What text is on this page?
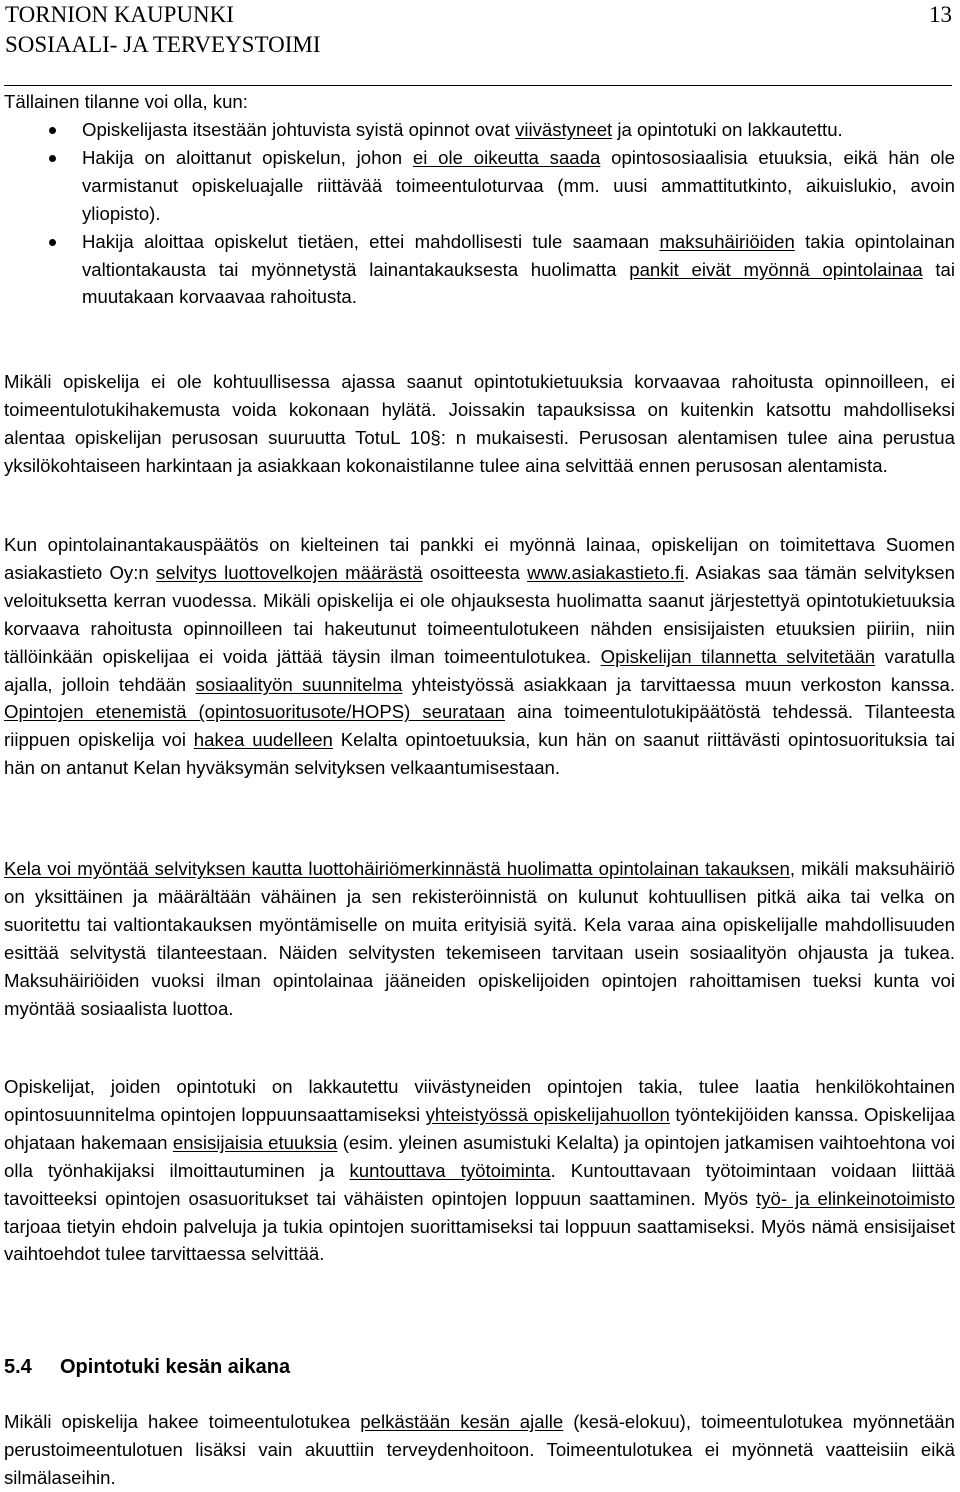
TORNION KAUPUNKI
SOSIAALI- JA TERVEYSTOIMI
13

Tällainen tilanne voi olla, kun:

Opiskelijasta itsestään johtuvista syistä opinnot ovat viivästyneet ja opintotuki on lakkautettu.
Hakija on aloittanut opiskelun, johon ei ole oikeutta saada opintososiaalisia etuuksia, eikä hän ole varmistanut opiskeluajalle riittävää toimeentuloturvaa (mm. uusi ammattitutkinto, aikuislukio, avoin yliopisto).
Hakija aloittaa opiskelut tietäen, ettei mahdollisesti tule saamaan maksuhäiriöiden takia opintolainan valtiontakausta tai myönnetystä lainantakauksesta huolimatta pankit eivät myönnä opintolainaa tai muutakaan korvaavaa rahoitusta.

Mikäli opiskelija ei ole kohtuullisessa ajassa saanut opintotukietuuksia korvaavaa rahoitusta opinnoilleen, ei toimeentulotukihakemusta voida kokonaan hylätä. Joissakin tapauksissa on kuitenkin katsottu mahdolliseksi alentaa opiskelijan perusosan suuruutta TotuL 10§: n mukaisesti. Perusosan alentamisen tulee aina perustua yksilökohtaiseen harkintaan ja asiakkaan kokonaistilanne tulee aina selvittää ennen perusosan alentamista.

Kun opintolainantakauspäätös on kielteinen tai pankki ei myönnä lainaa, opiskelijan on toimitettava Suomen asiakastieto Oy:n selvitys luottovelkojen määrästä osoitteesta www.asiakastieto.fi. Asiakas saa tämän selvityksen veloituksetta kerran vuodessa. Mikäli opiskelija ei ole ohjauksesta huolimatta saanut järjestettyä opintotukietuuksia korvaava rahoitusta opinnoilleen tai hakeutunut toimeentulotukeen nähden ensisijaisten etuuksien piiriin, niin tällöinkään opiskelijaa ei voida jättää täysin ilman toimeentulotukea. Opiskelijan tilannetta selvitetään varatulla ajalla, jolloin tehdään sosiaalityön suunnitelma yhteistyössä asiakkaan ja tarvittaessa muun verkoston kanssa. Opintojen etenemistä (opintosuoritusote/HOPS) seurataan aina toimeentulotukipäätöstä tehdessä. Tilanteesta riippuen opiskelija voi hakea uudelleen Kelalta opintoetuuksia, kun hän on saanut riittävästi opintosuorituksia tai hän on antanut Kelan hyväksymän selvityksen velkaantumisestaan.

Kela voi myöntää selvityksen kautta luottohäiriömerkinnästä huolimatta opintolainan takauksen, mikäli maksuhäiriö on yksittäinen ja määrältään vähäinen ja sen rekisteröinnistä on kulunut kohtuullisen pitkä aika tai velka on suoritettu tai valtiontakauksen myöntämiselle on muita erityisiä syitä. Kela varaa aina opiskelijalle mahdollisuuden esittää selvitystä tilanteestaan. Näiden selvitysten tekemiseen tarvitaan usein sosiaalityön ohjausta ja tukea. Maksuhäiriöiden vuoksi ilman opintolainaa jääneiden opiskelijoiden opintojen rahoittamisen tueksi kunta voi myöntää sosiaalista luottoa.

Opiskelijat, joiden opintotuki on lakkautettu viivästyneiden opintojen takia, tulee laatia henkilökohtainen opintosuunnitelma opintojen loppuunsaattamiseksi yhteistyössä opiskelijahuollon työntekijöiden kanssa. Opiskelijaa ohjataan hakemaan ensisijaisia etuuksia (esim. yleinen asumistuki Kelalta) ja opintojen jatkamisen vaihtoehtona voi olla työnhakijaksi ilmoittautuminen ja kuntouttava työtoiminta. Kuntouttavaan työtoimintaan voidaan liittää tavoitteeksi opintojen osasuoritukset tai vähäisten opintojen loppuun saattaminen. Myös työ- ja elinkeinotoimisto tarjoaa tietyin ehdoin palveluja ja tukia opintojen suorittamiseksi tai loppuun saattamiseksi. Myös nämä ensisijaiset vaihtoehdot tulee tarvittaessa selvittää.

5.4 Opintotuki kesän aikana

Mikäli opiskelija hakee toimeentulotukea pelkästään kesän ajalle (kesä-elokuu), toimeentulotukea myönnetään perustoimeentulotuen lisäksi vain akuuttiin terveydenhoitoon. Toimeentulotukea ei myönnetä vaatteisiin eikä silmälaseihin.
